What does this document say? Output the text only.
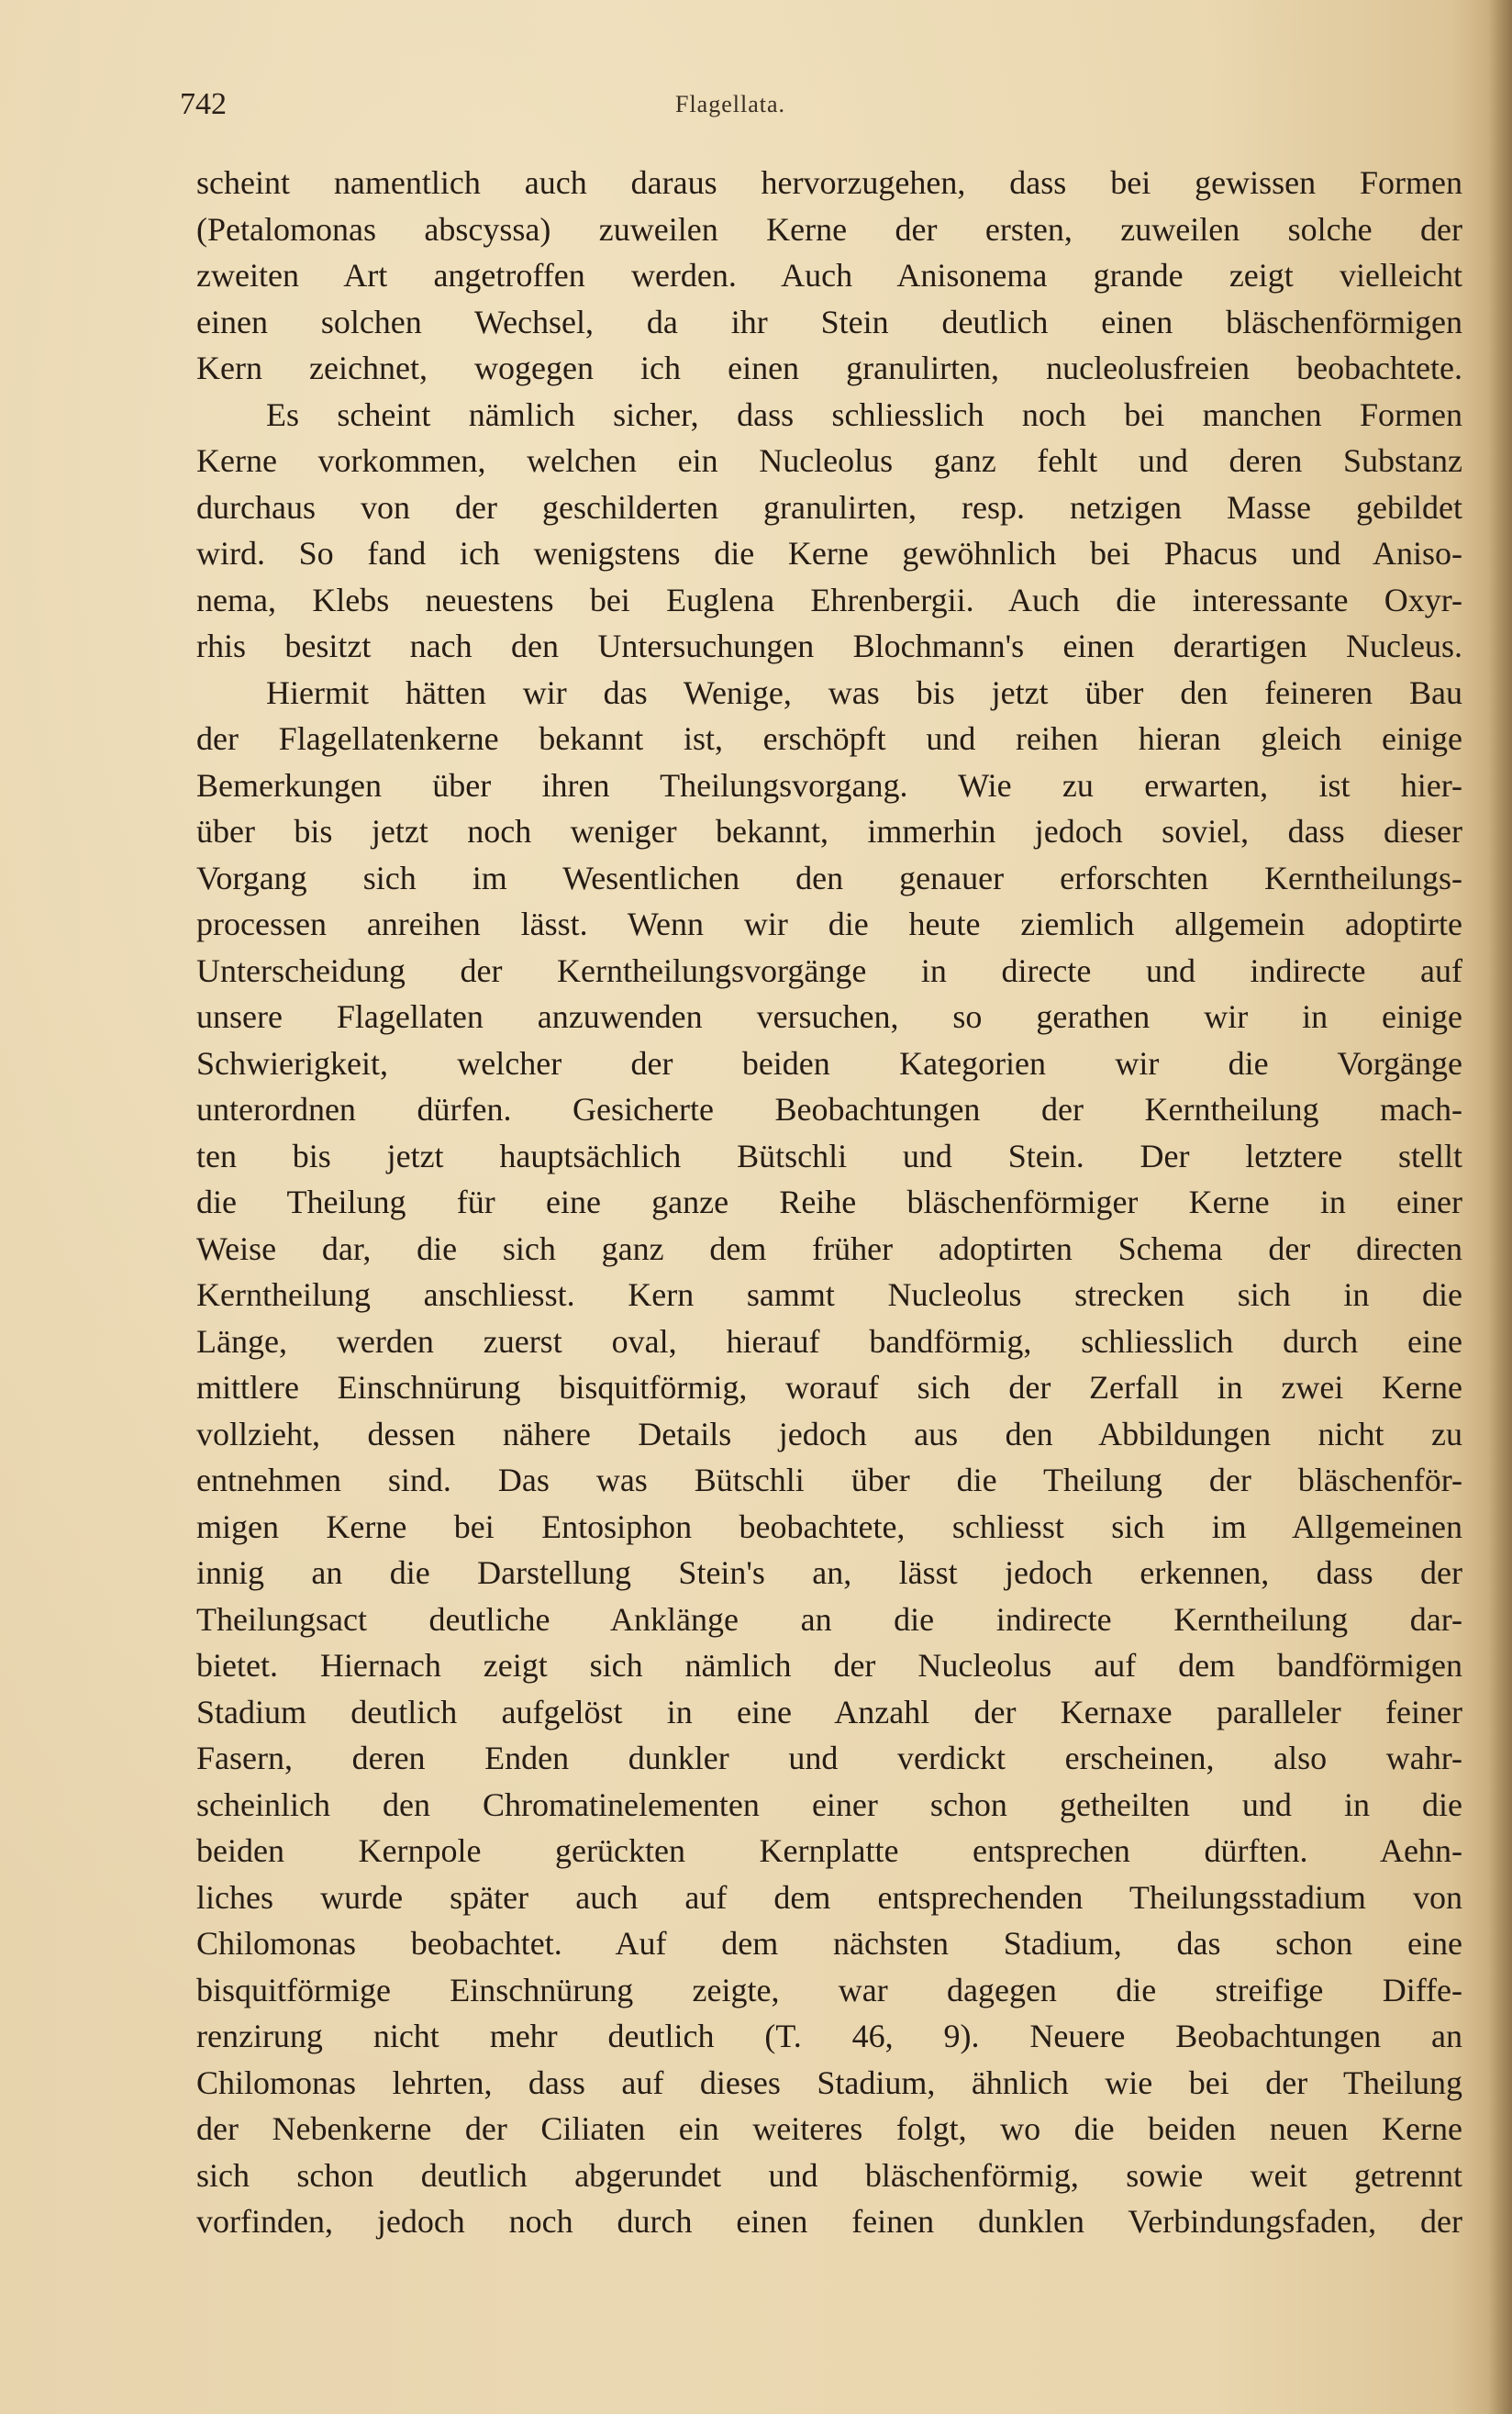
742	Flagellata.
scheint namentlich auch daraus hervorzugehen, dass bei gewissen Formen
(Petalomonas abscyssa) zuweilen Kerne der ersten, zuweilen solche der
zweiten Art angetroffen werden. Auch Anisonema grande zeigt vielleicht
einen solchen Wechsel, da ihr Stein deutlich einen bläschenförmigen
Kern zeichnet, wogegen ich einen granulirten, nucleolusfreien beobachtete.
Es scheint nämlich sicher, dass schliesslich noch bei manchen Formen
Kerne vorkommen, welchen ein Nucleolus ganz fehlt und deren Substanz
durchaus von der geschilderten granulirten, resp. netzigen Masse gebildet
wird. So fand ich wenigstens die Kerne gewöhnlich bei Phacus und Aniso-
nema, Klebs neuestens bei Euglena Ehrenbergii. Auch die interessante Oxyr-
rhis besitzt nach den Untersuchungen Blochmann's einen derartigen Nucleus.
Hiermit hätten wir das Wenige, was bis jetzt über den feineren Bau
der Flagellatenkerne bekannt ist, erschöpft und reihen hieran gleich einige
Bemerkungen über ihren Theilungsvorgang. Wie zu erwarten, ist hier-
über bis jetzt noch weniger bekannt, immerhin jedoch soviel, dass dieser
Vorgang sich im Wesentlichen den genauer erforschten Kerntheilungs-
processen anreihen lässt. Wenn wir die heute ziemlich allgemein adoptirte
Unterscheidung der Kerntheilungsvorgänge in directe und indirecte auf
unsere Flagellaten anzuwenden versuchen, so gerathen wir in einige
Schwierigkeit, welcher der beiden Kategorien wir die Vorgänge
unterordnen dürfen. Gesicherte Beobachtungen der Kerntheilung mach-
ten bis jetzt hauptsächlich Bütschli und Stein. Der letztere stellt
die Theilung für eine ganze Reihe bläschenförmiger Kerne in einer
Weise dar, die sich ganz dem früher adoptirten Schema der directen
Kerntheilung anschliesst. Kern sammt Nucleolus strecken sich in die
Länge, werden zuerst oval, hierauf bandförmig, schliesslich durch eine
mittlere Einschnürung bisquitförmig, worauf sich der Zerfall in zwei Kerne
vollzieht, dessen nähere Details jedoch aus den Abbildungen nicht zu
entnehmen sind. Das was Bütschli über die Theilung der bläschenför-
migen Kerne bei Entosiphon beobachtete, schliesst sich im Allgemeinen
innig an die Darstellung Stein's an, lässt jedoch erkennen, dass der
Theilungsact deutliche Anklänge an die indirecte Kerntheilung dar-
bietet. Hiernach zeigt sich nämlich der Nucleolus auf dem bandförmigen
Stadium deutlich aufgelöst in eine Anzahl der Kernaxe paralleler feiner
Fasern, deren Enden dunkler und verdickt erscheinen, also wahr-
scheinlich den Chromatinelementen einer schon getheilten und in die
beiden Kernpole gerückten Kernplatte entsprechen dürften. Aehn-
liches wurde später auch auf dem entsprechenden Theilungsstadium von
Chilomonas beobachtet. Auf dem nächsten Stadium, das schon eine
bisquitförmige Einschnürung zeigte, war dagegen die streifige Diffe-
renzirung nicht mehr deutlich (T. 46, 9). Neuere Beobachtungen an
Chilomonas lehrten, dass auf dieses Stadium, ähnlich wie bei der Theilung
der Nebenkerne der Ciliaten ein weiteres folgt, wo die beiden neuen Kerne
sich schon deutlich abgerundet und bläschenförmig, sowie weit getrennt
vorfinden, jedoch noch durch einen feinen dunklen Verbindungsfaden, der
